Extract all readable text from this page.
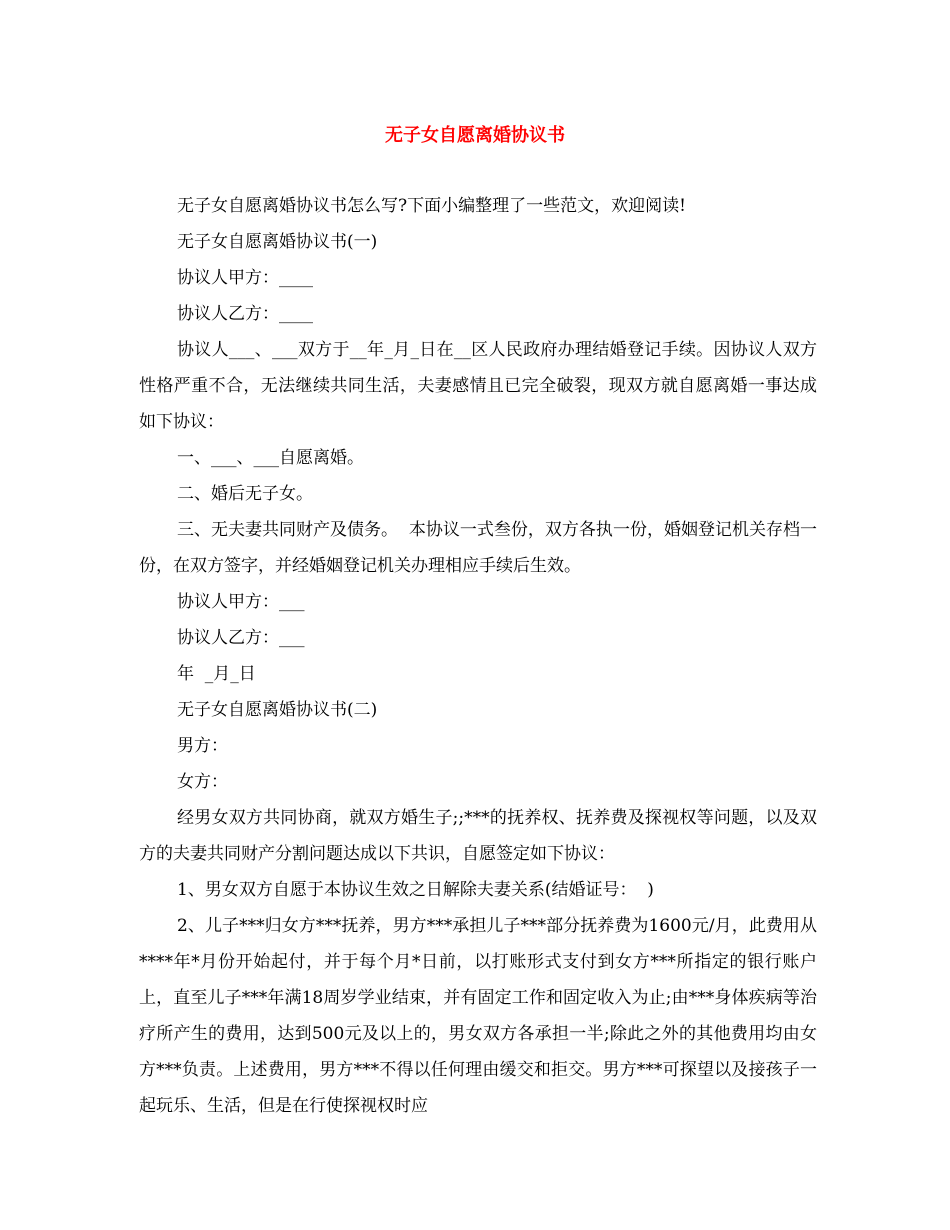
无子女自愿离婚协议书

无子女自愿离婚协议书怎么写?下面小编整理了一些范文，欢迎阅读!

无子女自愿离婚协议书(一)

协议人甲方：____

协议人乙方：____

协议人___、___双方于__年_月_日在__区人民政府办理结婚登记手续。因协议人双方性格严重不合，无法继续共同生活，夫妻感情且已完全破裂，现双方就自愿离婚一事达成如下协议：

一、___、___自愿离婚。

二、婚后无子女。

三、无夫妻共同财产及债务。  本协议一式叁份，双方各执一份，婚姻登记机关存档一份，在双方签字，并经婚姻登记机关办理相应手续后生效。

协议人甲方：___

协议人乙方：___

年  _月_日

无子女自愿离婚协议书(二)

男方：

女方：

经男女双方共同协商，就双方婚生子;;***的抚养权、抚养费及探视权等问题，以及双方的夫妻共同财产分割问题达成以下共识，自愿签定如下协议：

1、男女双方自愿于本协议生效之日解除夫妻关系(结婚证号：  )

2、儿子***归女方***抚养，男方***承担儿子***部分抚养费为1600元/月，此费用从****年*月份开始起付，并于每个月*日前，以打账形式支付到女方***所指定的银行账户上，直至儿子***年满18周岁学业结束，并有固定工作和固定收入为止;由***身体疾病等治疗所产生的费用，达到500元及以上的，男女双方各承担一半;除此之外的其他费用均由女方***负责。上述费用，男方***不得以任何理由缓交和拒交。男方***可探望以及接孩子一起玩乐、生活，但是在行使探视权时应
